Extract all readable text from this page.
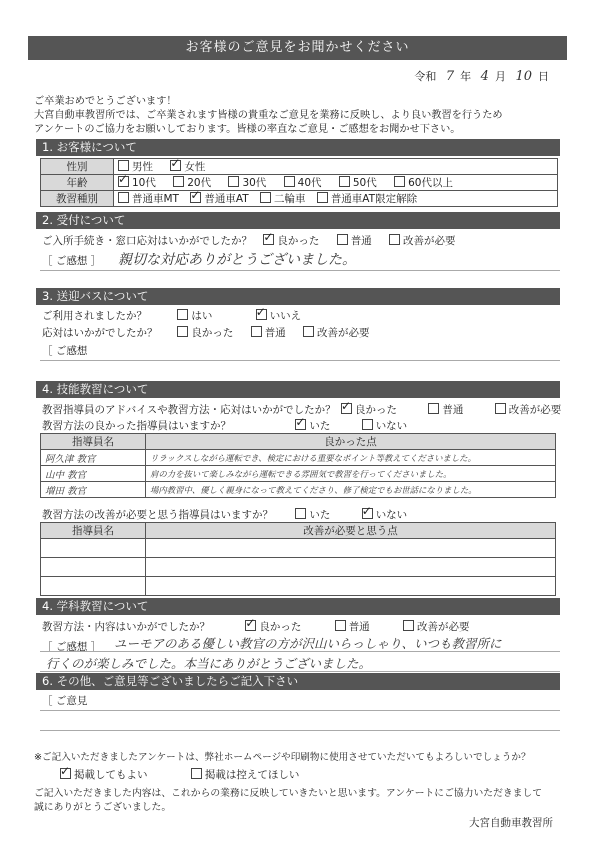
お客様のご意見をお聞かせください
令和 7 年 4 月 10 日
ご卒業おめでとうございます！
大宮自動車教習所では、ご卒業されます皆様の貴重なご意見を業務に反映し、より良い教習を行うため
アンケートのご協力をお願いしております。皆様の率直なご意見・ご感想をお聞かせ下さい。
1. お客様について
性別	男性 ✓ 女性
年齢	✓10代 20代 30代 40代 50代 60代以上
教習種別	普通車MT ✓ 普通車AT 二輪車 普通車AT限定解除
2. 受付について
ご入所手続き・窓口応対はいかがでしたか？ ✓ 良かった	普通	改善が必要
［ ご感想 ］ 親切な対応ありがとうございました。
3. 送迎バスについて
ご利用されましたか？	はい ✓	いいえ
応対はいかがでしたか？	良かった	普通	改善が必要
［ ご感想
4. 技能教習について
教習指導員のアドバイスや教習方法・応対はいかがでしたか？ ✓ 良かった	普通	改善が必要
教習方法の良かった指導員はいますか？ ✓	いた	いない
指導員名	良かった点
阿久津 教官	リラックスしながら運転でき、検定における重要なポイント等教えてくださいました。
山中 教官	肩の力を抜いて楽しみながら運転できる雰囲気で教習を行ってくださいました。
増田 教官	場内教習中、優しく親身になって教えてくださり、修了検定でもお世話になりました。
教習方法の改善が必要と思う指導員はいますか？	いた ✓	いない
指導員名	改善が必要と思う点

4. 学科教習について
教習方法・内容はいかがでしたか？ ✓	良かった	普通	改善が必要
［ ご感想 ］ ユーモアのある優しい教官の方が沢山いらっしゃり、いつも教習所に
行くのが楽しみでした。本当にありがとうございました。
6. その他、ご意見等ございましたらご記入下さい
［ ご意見
※ご記入いただきましたアンケートは、弊社ホームページや印刷物に使用させていただいてもよろしいでしょうか？
✓掲載してもよい	掲載は控えてほしい
ご記入いただきました内容は、これからの業務に反映していきたいと思います。アンケートにご協力いただきまして
誠にありがとうございました。
大宮自動車教習所
